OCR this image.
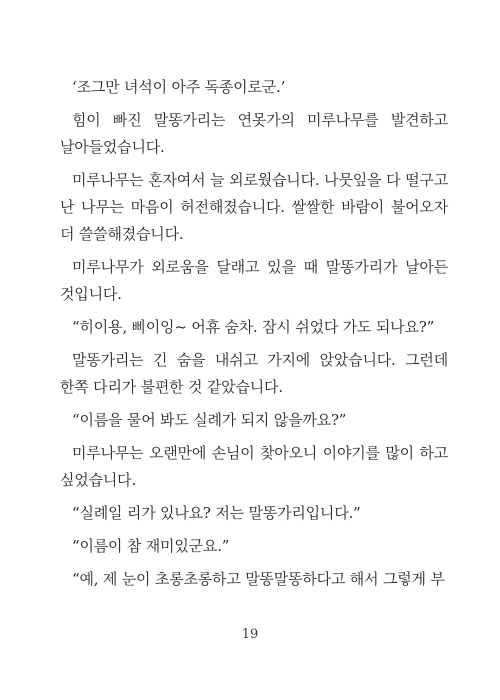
‘조그만 녀석이 아주 독종이로군.’

힘이 빠진 말똥가리는 연못가의 미루나무를 발견하고 날아들었습니다.

미루나무는 혼자여서 늘 외로웠습니다. 나뭇잎을 다 떨구고 난 나무는 마음이 허전해졌습니다. 쌀쌀한 바람이 불어오자 더 쓸쓸해졌습니다.

미루나무가 외로움을 달래고 있을 때 말똥가리가 날아든 것입니다.

“히이용, 삐이잉~ 어휴 숨차. 잠시 쉬었다 가도 되나요?”

말똥가리는 긴 숨을 내쉬고 가지에 앉았습니다. 그런데 한쪽 다리가 불편한 것 같았습니다.

“이름을 물어 봐도 실례가 되지 않을까요?”

미루나무는 오랜만에 손님이 찾아오니 이야기를 많이 하고 싶었습니다.

“실례일 리가 있나요? 저는 말똥가리입니다.”

“이름이 참 재미있군요.”

“예, 제 눈이 초롱초롱하고 말똥말똥하다고 해서 그렇게 부

19
